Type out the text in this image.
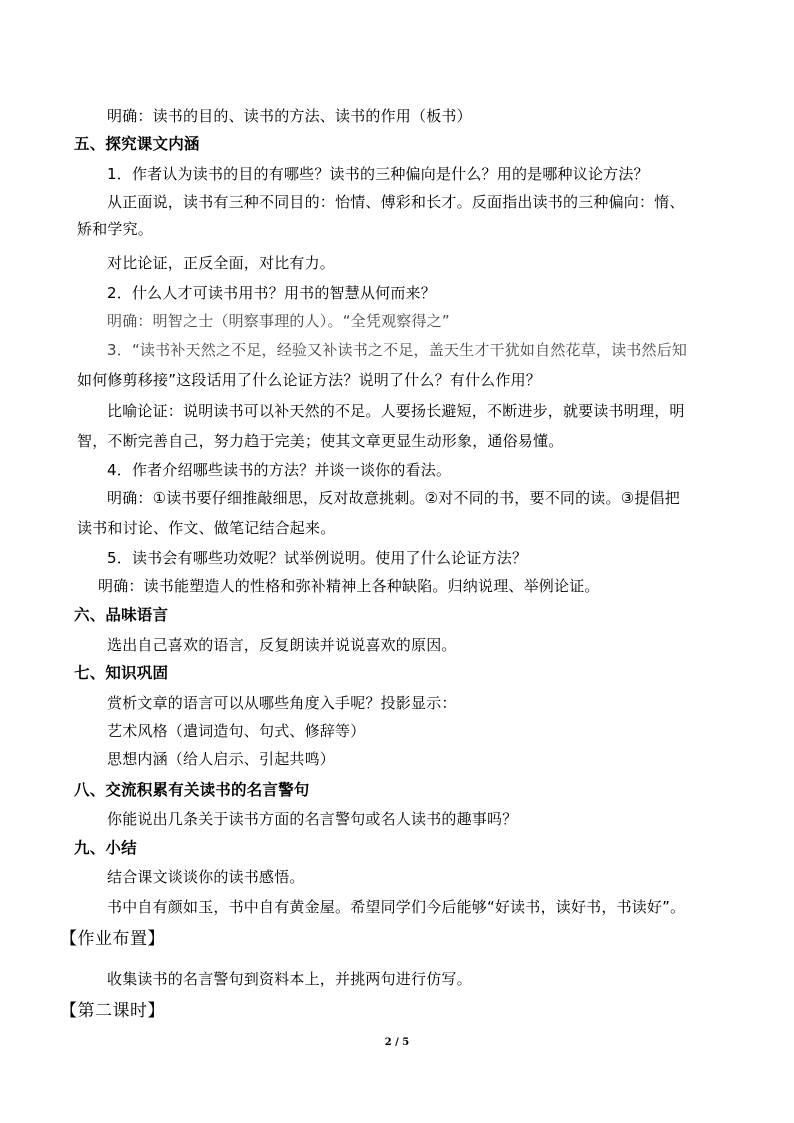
明确：读书的目的、读书的方法、读书的作用（板书）
五、探究课文内涵
1．作者认为读书的目的有哪些？读书的三种偏向是什么？用的是哪种议论方法？
从正面说，读书有三种不同目的：怡情、傅彩和长才。反面指出读书的三种偏向：惰、
矫和学究。
对比论证，正反全面，对比有力。
2．什么人才可读书用书？用书的智慧从何而来？
明确：明智之士（明察事理的人）。“全凭观察得之”
3．“读书补天然之不足，经验又补读书之不足，盖天生才干犹如自然花草，读书然后知
如何修剪移接”这段话用了什么论证方法？说明了什么？有什么作用？
比喻论证：说明读书可以补天然的不足。人要扬长避短，不断进步，就要读书明理，明
智，不断完善自己，努力趋于完美；使其文章更显生动形象，通俗易懂。
4．作者介绍哪些读书的方法？并谈一谈你的看法。
明确：①读书要仔细推敲细思，反对故意挑刺。②对不同的书，要不同的读。③提倡把
读书和讨论、作文、做笔记结合起来。
5．读书会有哪些功效呢？试举例说明。使用了什么论证方法？
明确：读书能塑造人的性格和弥补精神上各种缺陷。归纳说理、举例论证。
六、品味语言
选出自己喜欢的语言，反复朗读并说说喜欢的原因。
七、知识巩固
赏析文章的语言可以从哪些角度入手呢？投影显示：
艺术风格（遣词造句、句式、修辞等）
思想内涵（给人启示、引起共鸣）
八、交流积累有关读书的名言警句
你能说出几条关于读书方面的名言警句或名人读书的趣事吗？
九、小结
结合课文谈谈你的读书感悟。
书中自有颜如玉，书中自有黄金屋。希望同学们今后能够“好读书，读好书，书读好”。
【作业布置】
收集读书的名言警句到资料本上，并挑两句进行仿写。
【第二课时】
2 / 5
